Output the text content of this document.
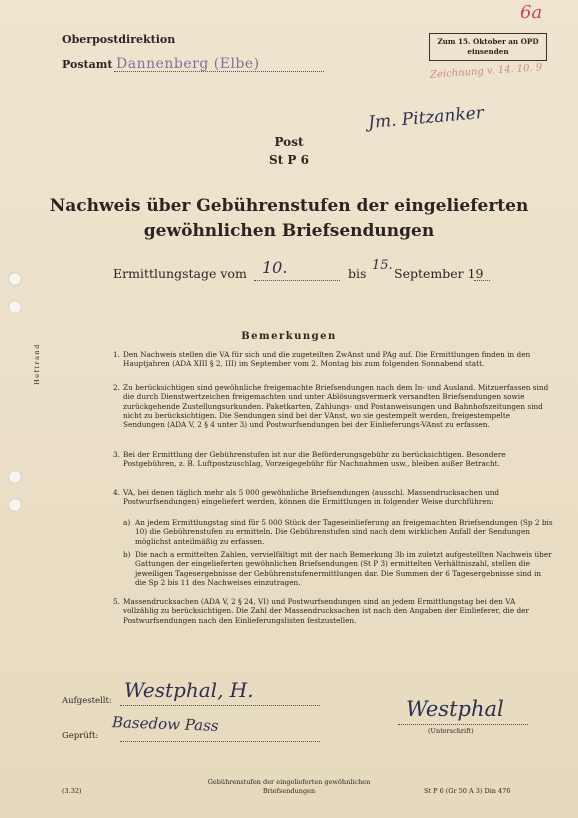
Heftrand
6a
Oberpostdirektion
Postamt Dannenberg (Elbe)
Zum 15. Oktober an OPD
einsenden
Zeichnung v. 14. 10. 9
Jm. Pitzanker
Post
St P 6
Nachweis über Gebührenstufen der eingelieferten
gewöhnlichen Briefsendungen
Ermittlungstage vom 10.	bis
15.
September 19
Bemerkungen
1. Den Nachweis stellen die VA für sich und die zugeteilten ZwAnst und PAg auf. Die Ermittlungen finden in den Hauptjahren (ADA XIII § 2, III) im September vom 2. Montag bis zum folgenden Sonnabend statt.
2. Zu berücksichtigen sind gewöhnliche freigemachte Briefsendungen nach dem In- und Ausland. Mitzuerfassen sind die durch Dienstwertzeichen freigemachten und unter Ablösungsvermerk versandten Briefsendungen sowie zurückgehende Zustellungsurkunden. Paketkarten, Zahlungs- und Postanweisungen und Bahnhofszeitungen sind nicht zu berücksichtigen. Die Sendungen sind bei der VAnst, wo sie gestempelt werden, freigestempelte Sendungen (ADA V, 2 § 4 unter 3) und Postwurfsendungen bei der Einlieferungs-VAnst zu erfassen.
3. Bei der Ermittlung der Gebührenstufen ist nur die Beförderungsgebühr zu berücksichtigen. Besondere Postgebühren, z. B. Luftpostzuschlag, Vorzeigegebühr für Nachnahmen usw., bleiben außer Betracht.
4. VA, bei denen täglich mehr als 5 000 gewöhnliche Briefsendungen (ausschl. Massendrucksachen und Postwurfsendungen) eingeliefert werden, können die Ermittlungen in folgender Weise durchführen:
a) An jedem Ermittlungstag sind für 5 000 Stück der Tageseinlieferung an freigemachten Briefsendungen (Sp 2 bis 10) die Gebührenstufen zu ermitteln. Die Gebührenstufen sind nach dem wirklichen Anfall der Sendungen möglichst anteilmäßig zu erfassen.
b) Die nach a ermittelten Zahlen, vervielfältigt mit der nach Bemerkung 3b im zuletzt aufgestellten Nachweis über Gattungen der eingelieferten gewöhnlichen Briefsendungen (St P 3) ermittelten Verhältniszahl, stellen die jeweiligen Tagesergebnisse der Gebührenstufenermittlungen dar. Die Summen der 6 Tagesergebnisse sind in die Sp 2 bis 11 des Nachweises einzutragen.
5. Massendrucksachen (ADA V, 2 § 24, VI) und Postwurfsendungen sind an jedem Ermittlungstag bei den VA vollzählig zu berücksichtigen. Die Zahl der Massendrucksachen ist nach den Angaben der Einlieferer, die der Postwurfsendungen nach den Einlieferungslisten festzustellen.
Aufgestellt: Westphal, H.
Geprüft:
Basedow Pass
Westphal
(Unterschrift)
(3.32)
Gebührenstufen der eingelieferten gewöhnlichen
Briefsendungen	St P 6 (Gr 50 A 3) Din 476
